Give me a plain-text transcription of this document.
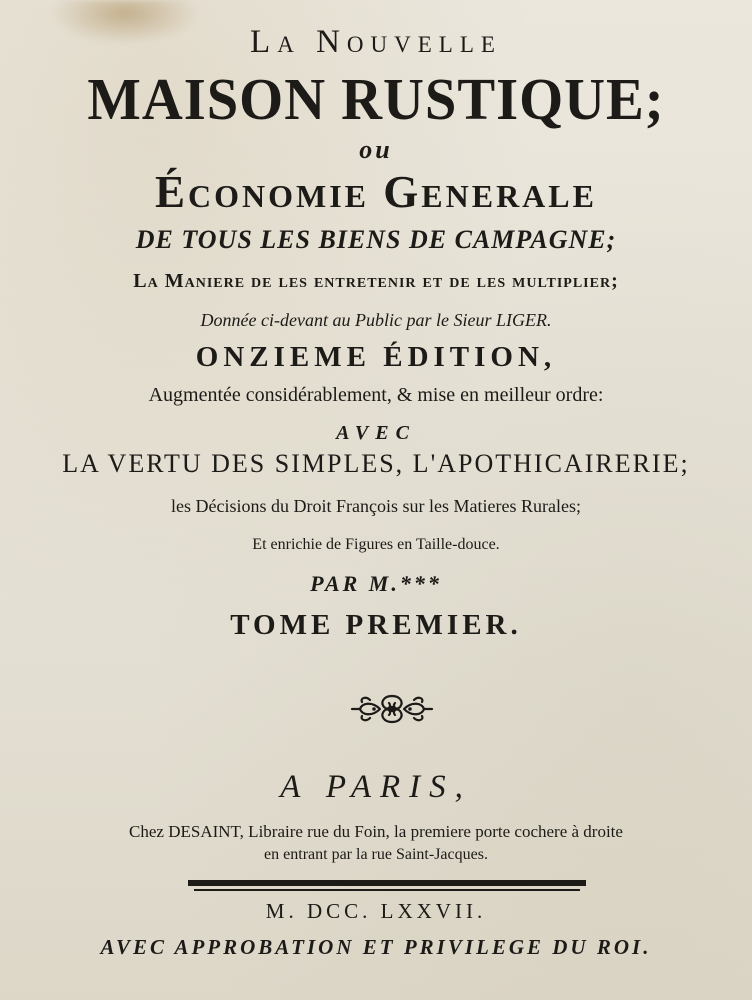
La Nouvelle
MAISON RUSTIQUE;
ou
Économie Generale
DE TOUS LES BIENS DE CAMPAGNE;
La Maniere de les entretenir et de les multiplier;
Donnée ci-devant au Public par le Sieur LIGER.
ONZIEME ÉDITION,
Augmentée considérablement, & mise en meilleur ordre:
AVEC
LA VERTU DES SIMPLES, L'APOTHICAIRERIE;
les Décisions du Droit François sur les Matieres Rurales;
Et enrichie de Figures en Taille-douce.
PAR M.***
TOME PREMIER.
A PARIS,
Chez DESAINT, Libraire rue du Foin, la premiere porte cochere à droite
en entrant par la rue Saint-Jacques.
M. DCC. LXXVII.
AVEC APPROBATION ET PRIVILEGE DU ROI.
